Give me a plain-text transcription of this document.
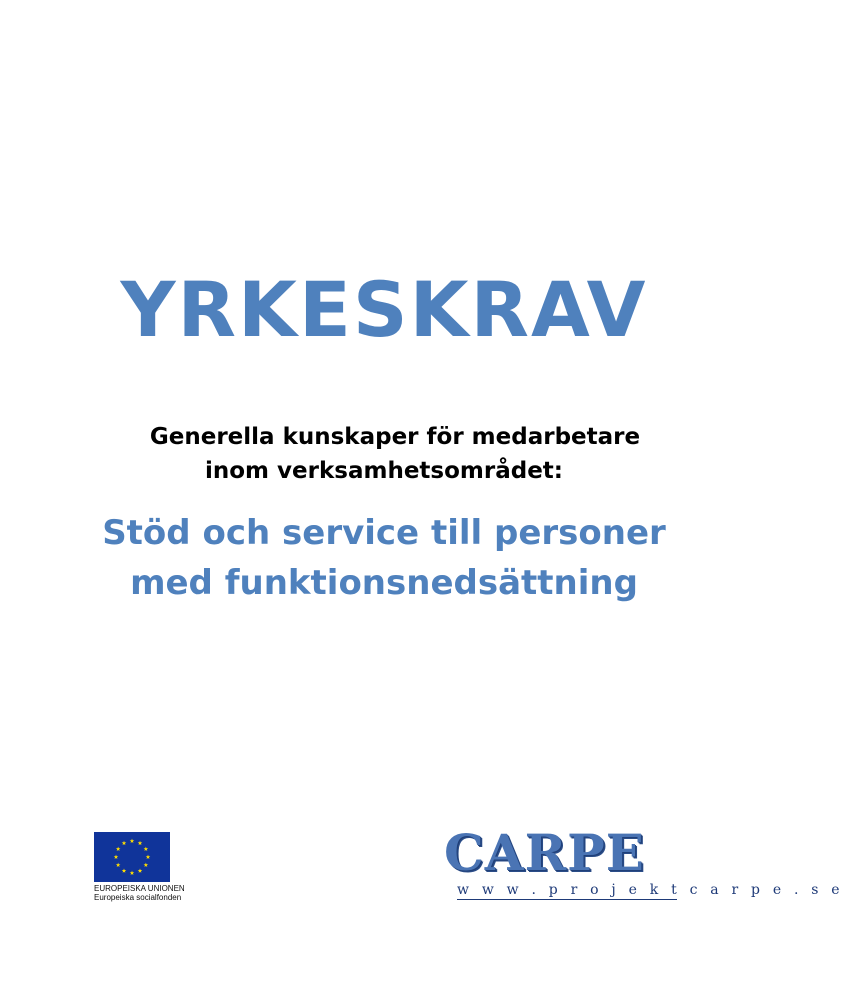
YRKESKRAV
Generella kunskaper för medarbetare
inom verksamhetsområdet:
Stöd och service till personer
med funktionsnedsättning
EUROPEISKA UNIONEN
Europeiska socialfonden
CARPE
w w w . p r o j e k t c a r p e . s e
